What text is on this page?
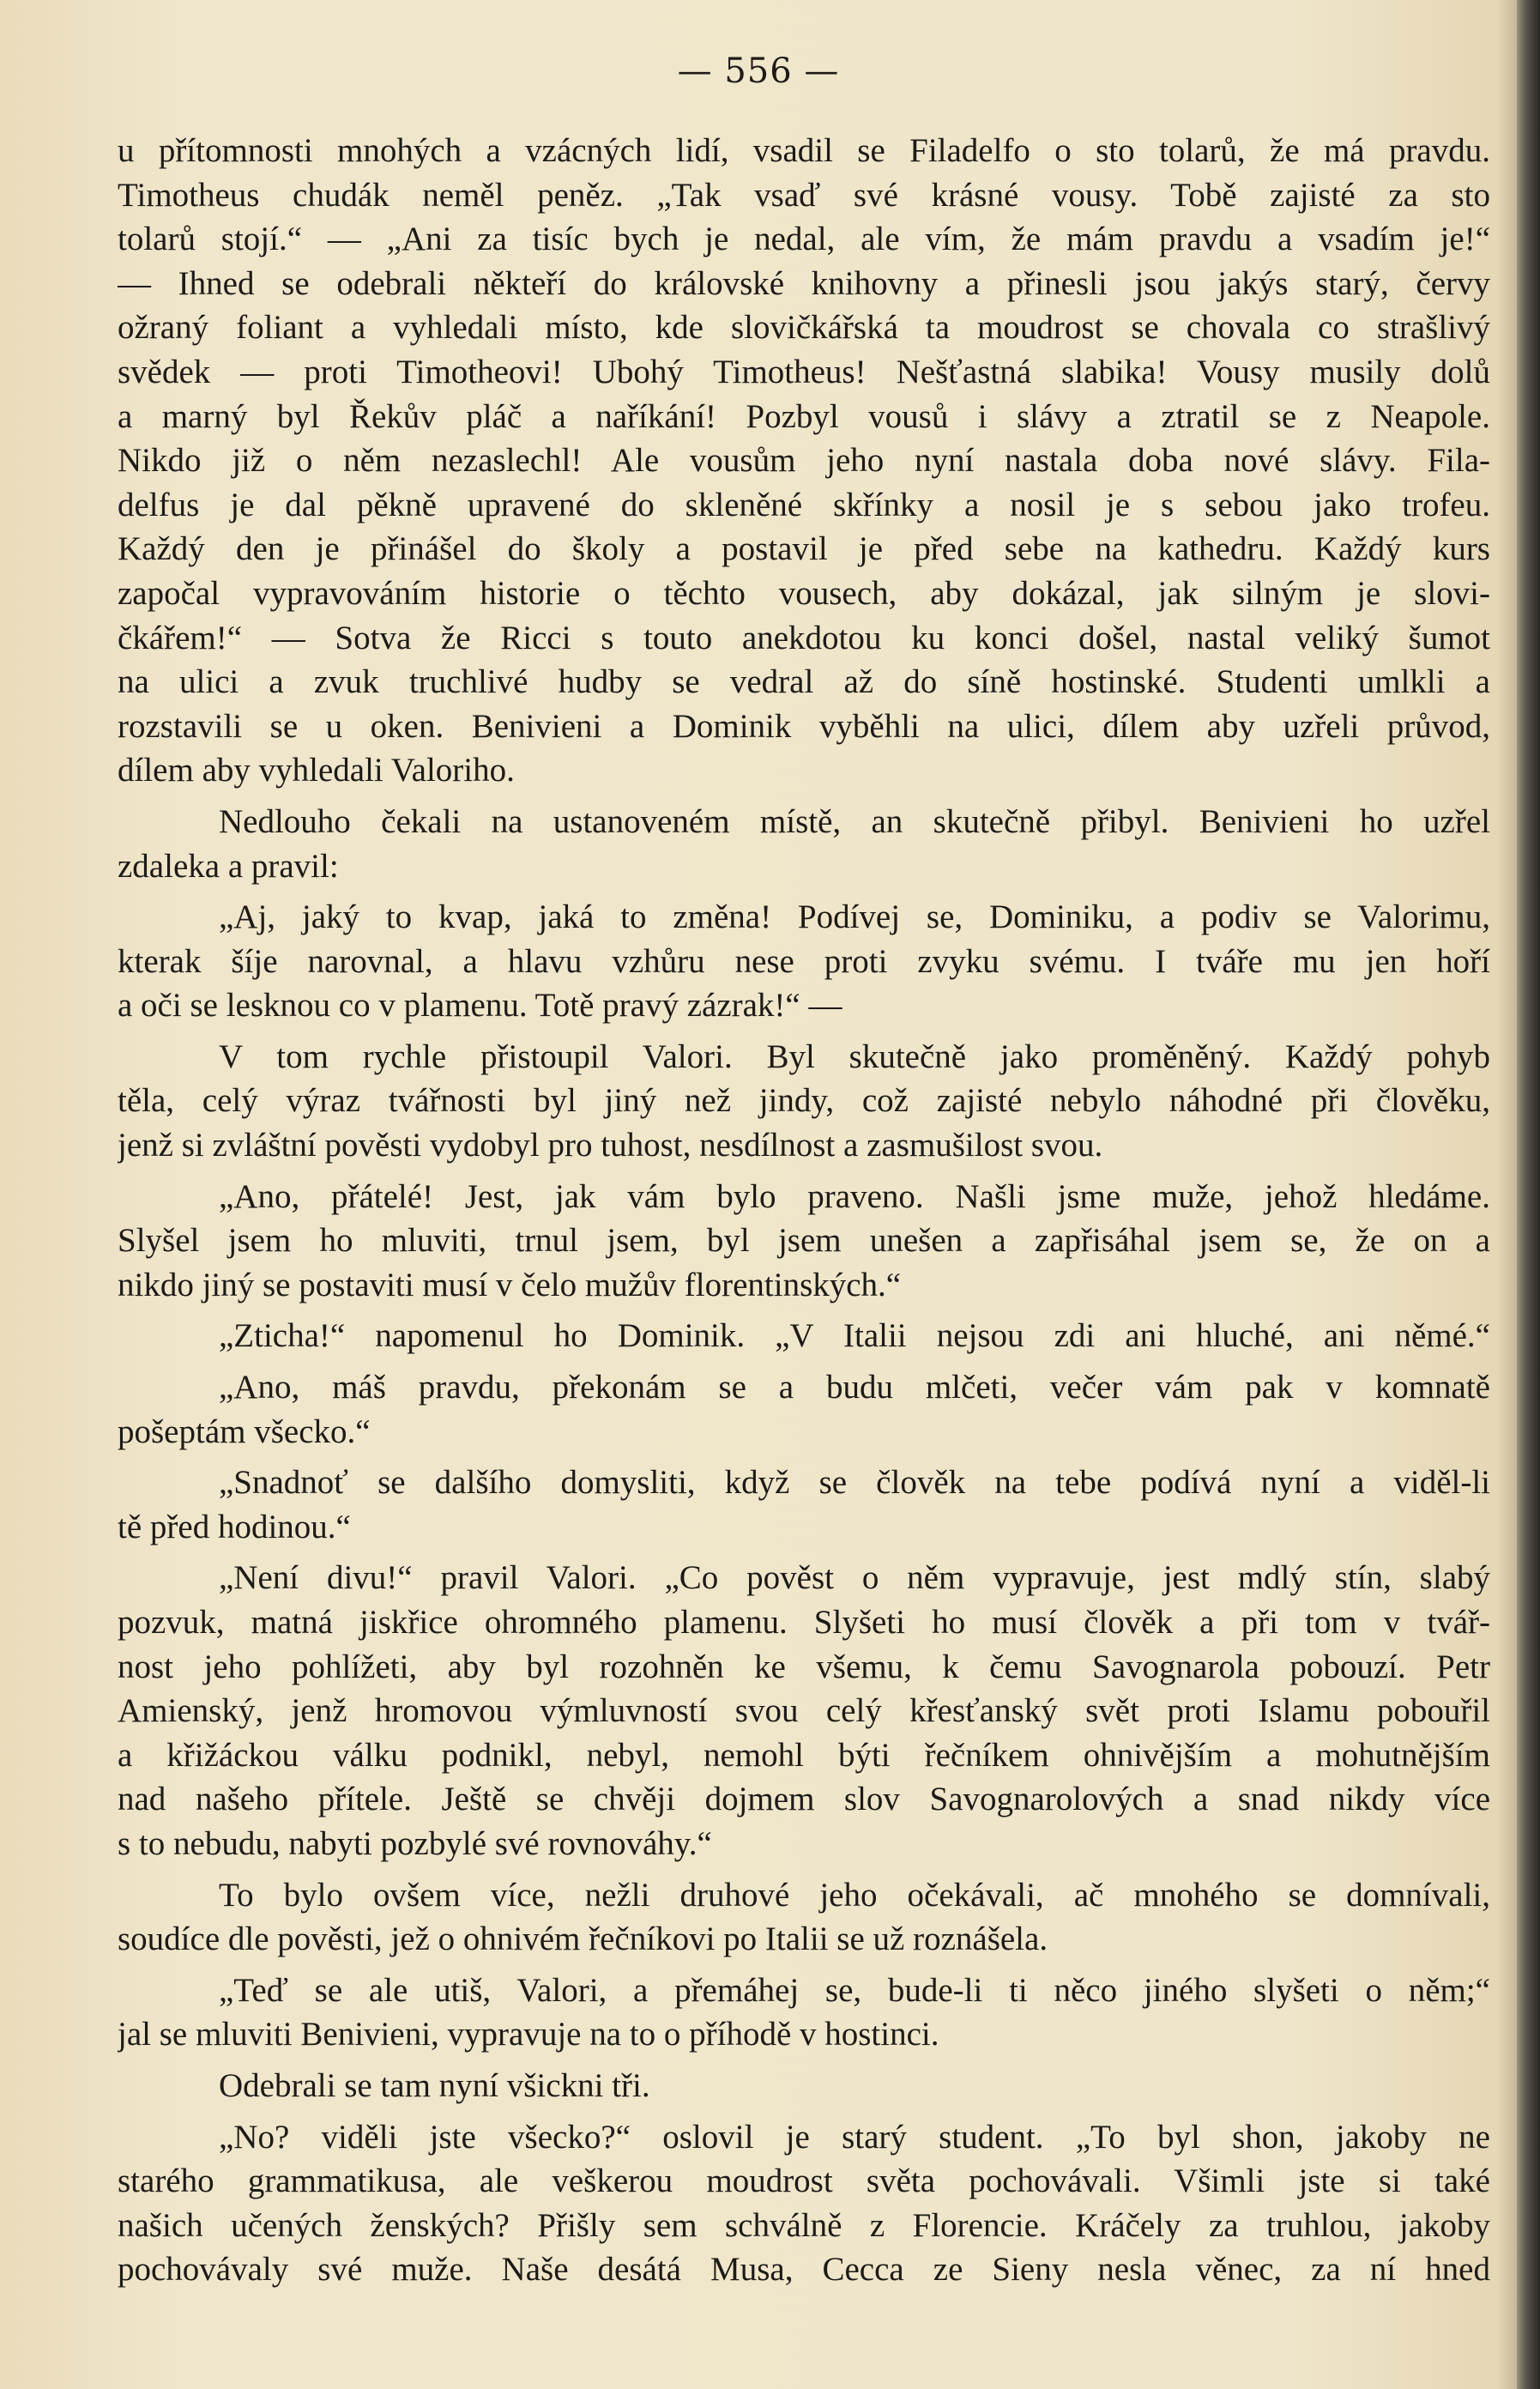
— 556 —
u přítomnosti mnohých a vzácných lidí, vsadil se Filadelfo o sto tolarů, že má pravdu.
Timotheus chudák neměl peněz. „Tak vsaď své krásné vousy. Tobě zajisté za sto
tolarů stojí.“ — „Ani za tisíc bych je nedal, ale vím, že mám pravdu a vsadím je!“
— Ihned se odebrali někteří do královské knihovny a přinesli jsou jakýs starý, červy
ožraný foliant a vyhledali místo, kde slovičkářská ta moudrost se chovala co strašlivý
svědek — proti Timotheovi! Ubohý Timotheus! Nešťastná slabika! Vousy musily dolů
a marný byl Řekův pláč a naříkání! Pozbyl vousů i slávy a ztratil se z Neapole.
Nikdo již o něm nezaslechl! Ale vousům jeho nyní nastala doba nové slávy. Fila-
delfus je dal pěkně upravené do skleněné skřínky a nosil je s sebou jako trofeu.
Každý den je přinášel do školy a postavil je před sebe na kathedru. Každý kurs
započal vypravováním historie o těchto vousech, aby dokázal, jak silným je slovi-
čkářem!“ — Sotva že Ricci s touto anekdotou ku konci došel, nastal veliký šumot
na ulici a zvuk truchlivé hudby se vedral až do síně hostinské. Studenti umlkli a
rozstavili se u oken. Benivieni a Dominik vyběhli na ulici, dílem aby uzřeli průvod,
dílem aby vyhledali Valoriho.
Nedlouho čekali na ustanoveném místě, an skutečně přibyl. Benivieni ho uzřel
zdaleka a pravil:
„Aj, jaký to kvap, jaká to změna! Podívej se, Dominiku, a podiv se Valorimu,
kterak šíje narovnal, a hlavu vzhůru nese proti zvyku svému. I tváře mu jen hoří
a oči se lesknou co v plamenu. Totě pravý zázrak!“ —
V tom rychle přistoupil Valori. Byl skutečně jako proměněný. Každý pohyb
těla, celý výraz tvářnosti byl jiný než jindy, což zajisté nebylo náhodné při člověku,
jenž si zvláštní pověsti vydobyl pro tuhost, nesdílnost a zasmušilost svou.
„Ano, přátelé! Jest, jak vám bylo praveno. Našli jsme muže, jehož hledáme.
Slyšel jsem ho mluviti, trnul jsem, byl jsem unešen a zapřisáhal jsem se, že on a
nikdo jiný se postaviti musí v čelo mužův florentinských.“
„Zticha!“ napomenul ho Dominik. „V Italii nejsou zdi ani hluché, ani němé.“
„Ano, máš pravdu, překonám se a budu mlčeti, večer vám pak v komnatě
pošeptám všecko.“
„Snadnoť se dalšího domysliti, když se člověk na tebe podívá nyní a viděl-li
tě před hodinou.“
„Není divu!“ pravil Valori. „Co pověst o něm vypravuje, jest mdlý stín, slabý
pozvuk, matná jiskřice ohromného plamenu. Slyšeti ho musí člověk a při tom v tvář-
nost jeho pohlížeti, aby byl rozohněn ke všemu, k čemu Savognarola pobouzí. Petr
Amienský, jenž hromovou výmluvností svou celý křesťanský svět proti Islamu pobouřil
a křižáckou válku podnikl, nebyl, nemohl býti řečníkem ohnivějším a mohutnějším
nad našeho přítele. Ještě se chvěji dojmem slov Savognarolových a snad nikdy více
s to nebudu, nabyti pozbylé své rovnováhy.“
To bylo ovšem více, nežli druhové jeho očekávali, ač mnohého se domnívali,
soudíce dle pověsti, jež o ohnivém řečníkovi po Italii se už roznášela.
„Teď se ale utiš, Valori, a přemáhej se, bude-li ti něco jiného slyšeti o něm;“
jal se mluviti Benivieni, vypravuje na to o příhodě v hostinci.
Odebrali se tam nyní všickni tři.
„No? viděli jste všecko?“ oslovil je starý student. „To byl shon, jakoby ne
starého grammatikusa, ale veškerou moudrost světa pochovávali. Všimli jste si také
našich učených ženských? Přišly sem schválně z Florencie. Kráčely za truhlou, jakoby
pochovávaly své muže. Naše desátá Musa, Cecca ze Sieny nesla věnec, za ní hned
